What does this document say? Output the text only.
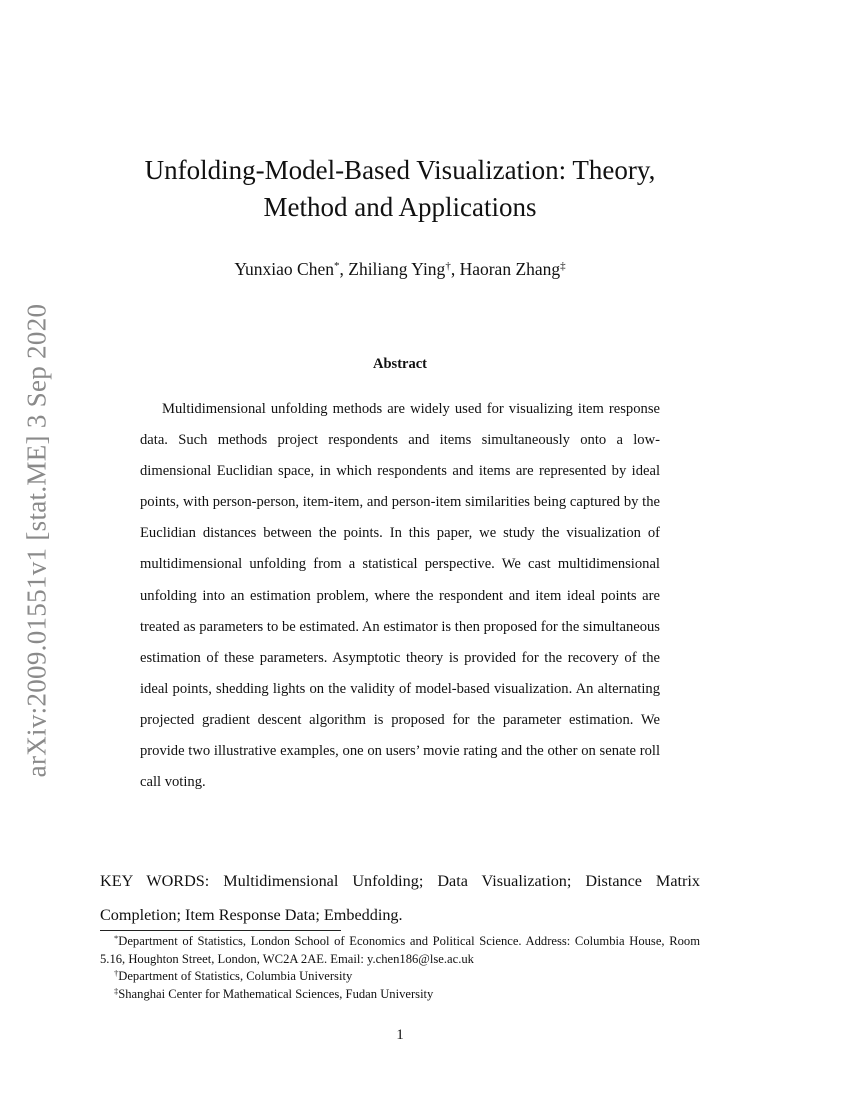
arXiv:2009.01551v1 [stat.ME] 3 Sep 2020
Unfolding-Model-Based Visualization: Theory,
Method and Applications
Yunxiao Chen*, Zhiliang Ying†, Haoran Zhang‡
Abstract

Multidimensional unfolding methods are widely used for visualizing item response data. Such methods project respondents and items simultaneously onto a low-dimensional Euclidian space, in which respondents and items are represented by ideal points, with person-person, item-item, and person-item similarities being captured by the Euclidian distances between the points. In this paper, we study the visualization of multidimensional unfolding from a statistical perspective. We cast multidimensional unfolding into an estimation problem, where the respondent and item ideal points are treated as parameters to be estimated. An estimator is then proposed for the simultaneous estimation of these parameters. Asymptotic theory is provided for the recovery of the ideal points, shedding lights on the validity of model-based visualization. An alternating projected gradient descent algorithm is proposed for the parameter estimation. We provide two illustrative examples, one on users’ movie rating and the other on senate roll call voting.

KEY WORDS: Multidimensional Unfolding; Data Visualization; Distance Matrix Completion; Item Response Data; Embedding.

*Department of Statistics, London School of Economics and Political Science. Address: Columbia House, Room 5.16, Houghton Street, London, WC2A 2AE. Email: y.chen186@lse.ac.uk

†Department of Statistics, Columbia University

‡Shanghai Center for Mathematical Sciences, Fudan University

1
